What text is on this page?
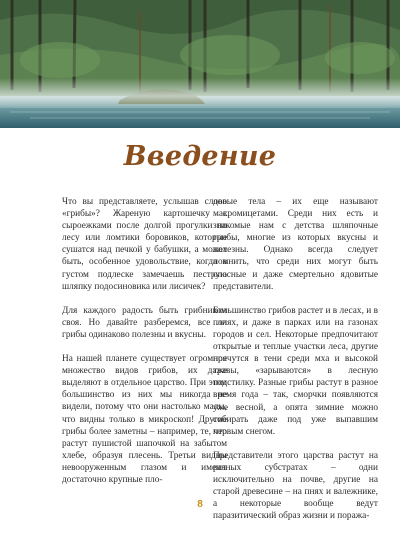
Введение

Что вы представляете, услышав слово «грибы»? Жареную картошечку с сыроежками после долгой прогулки по лесу или ломтики боровиков, которые сушатся над печкой у бабушки, а может быть, особенное удовольствие, когда в густом подлеске замечаешь пеструю шляпку подосиновика или лисичек?

Для каждого радость быть грибником своя. Но давайте разберемся, все ли грибы одинаково полезны и вкусны.

На нашей планете существует огромное множество видов грибов, их даже выделяют в отдельное царство. При этом большинство из них мы никогда не видели, потому что они настолько малы, что видны только в микроскоп! Другие грибы более заметны – например, те, что растут пушистой шапочкой на забытом хлебе, образуя плесень. Третьи видны невооруженным глазом и имеют достаточно крупные пло-

довые тела – их еще называют макромицетами. Среди них есть и знакомые нам с детства шляпочные грибы, многие из которых вкусны и полезны. Однако всегда следует помнить, что среди них могут быть опасные и даже смертельно ядовитые представители.

Большинство грибов растет и в лесах, и в полях, и даже в парках или на газонах городов и сел. Некоторые предпочитают открытые и теплые участки леса, другие прячутся в тени среди мха и высокой травы, «зарываются» в лесную подстилку. Разные грибы растут в разное время года – так, сморчки появляются уже весной, а опята зимние можно собирать даже под уже выпавшим первым снегом.

Представители этого царства растут на разных субстратах – одни исключительно на почве, другие на старой древесине – на пнях и валежнике, а некоторые вообще ведут паразитический образ жизни и поража-

8
